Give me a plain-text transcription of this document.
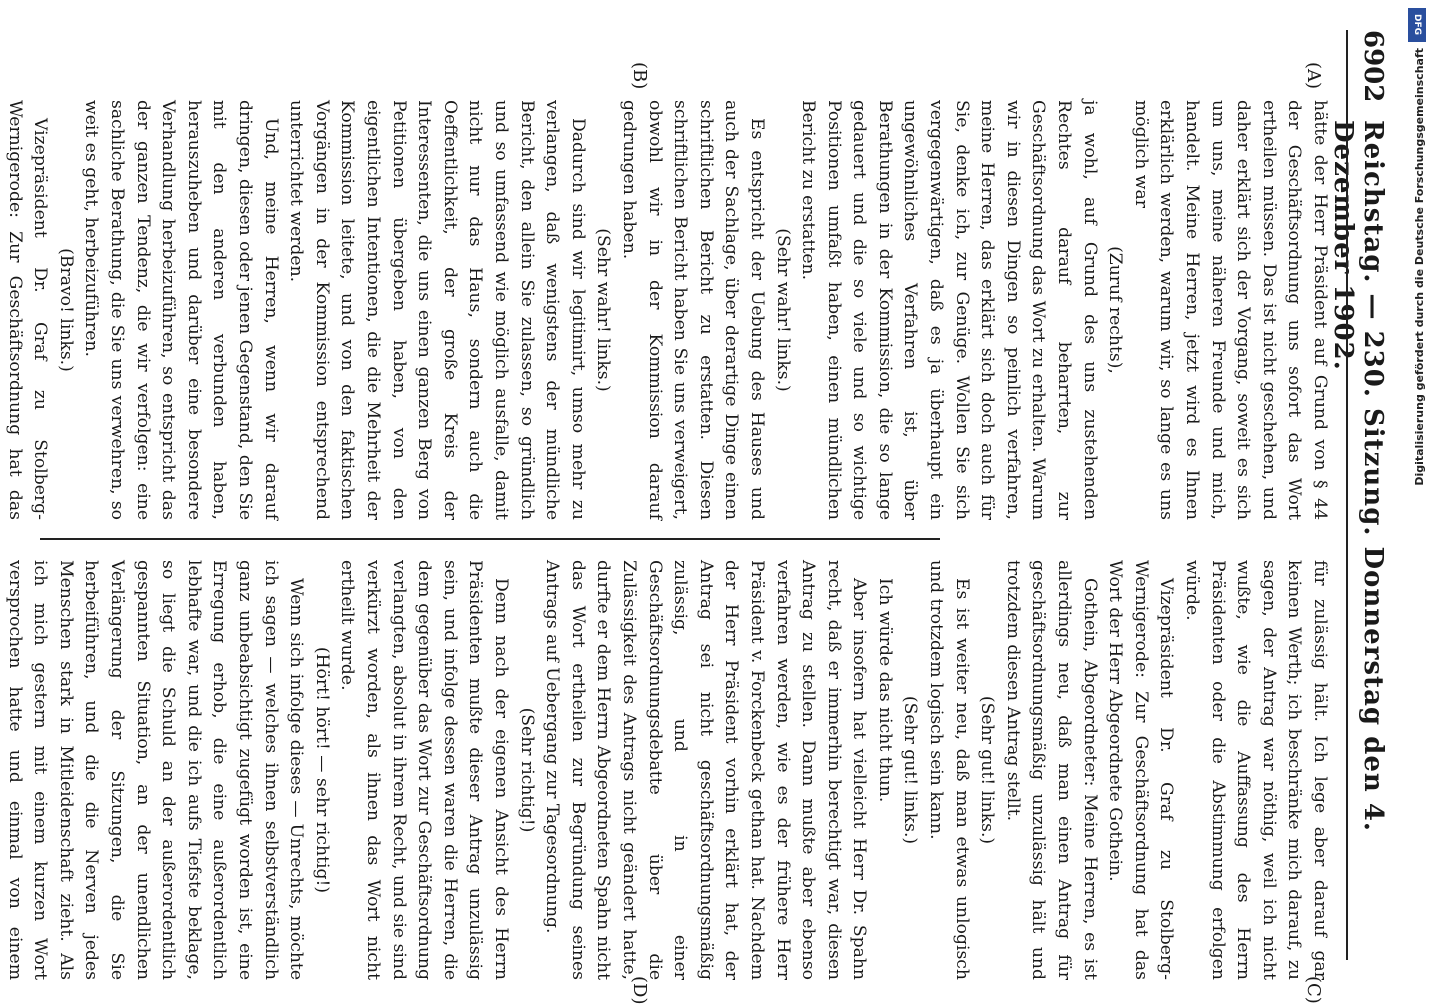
6902
Reichstag. — 230. Sitzung. Donnerstag den 4. Dezember 1902.
(A)
(B)

hätte der Herr Präsident auf Grund von § 44 der Geschäftsordnung uns sofort das Wort ertheilen müssen. Das ist nicht geschehen, und daher erklärt sich der Vorgang, soweit es sich um uns, meine näheren Freunde und mich, handelt. Meine Herren, jetzt wird es Ihnen erklärlich werden, warum wir, so lange es uns möglich war

(Zuruf rechts),

ja wohl, auf Grund des uns zustehenden Rechtes darauf beharrten, zur Geschäftsordnung das Wort zu erhalten. Warum wir in diesen Dingen so peinlich verfahren, meine Herren, das erklärt sich doch auch für Sie, denke ich, zur Genüge. Wollen Sie sich vergegenwärtigen, daß es ja überhaupt ein ungewöhnliches Verfahren ist, über Berathungen in der Kommission, die so lange gedauert und die so viele und so wichtige Positionen umfaßt haben, einen mündlichen Bericht zu erstatten.

(Sehr wahr! links.)

Es entspricht der Uebung des Hauses und auch der Sachlage, über derartige Dinge einen schriftlichen Bericht zu erstatten. Diesen schriftlichen Bericht haben Sie uns verweigert, obwohl wir in der Kommission darauf gedrungen haben.

(Sehr wahr! links.)

Dadurch sind wir legitimirt, umso mehr zu verlangen, daß wenigstens der mündliche Bericht, den allein Sie zulassen, so gründlich und so umfassend wie möglich ausfalle, damit nicht nur das Haus, sondern auch die Oeffentlichkeit, der große Kreis der Interessenten, die uns einen ganzen Berg von Petitionen übergeben haben, von den eigentlichen Intentionen, die die Mehrheit der Kommission leitete, und von den faktischen Vorgängen in der Kommission entsprechend unterrichtet werden.

Und, meine Herren, wenn wir darauf dringen, diesen oder jenen Gegenstand, den Sie mit den anderen verbunden haben, herauszuheben und darüber eine besondere Verhandlung herbeizuführen, so entspricht das der ganzen Tendenz, die wir verfolgen: eine sachliche Berathung, die Sie uns verwehren, so weit es geht, herbeizuführen.

(Bravo! links.)

Vizepräsident Dr. Graf zu Stolberg-Wernigerode: Zur Geschäftsordnung hat das

für zulässig hält. Ich lege aber darauf gar keinen Werth; ich beschränke mich darauf, zu sagen, der Antrag war nöthig, weil ich nicht wußte, wie die Auffassung des Herrn Präsidenten oder die Abstimmung erfolgen würde.

Vizepräsident Dr. Graf zu Stolberg-Wernigerode: Zur Geschäftsordnung hat das Wort der Herr Abgeordnete Gothein.

Gothein, Abgeordneter: Meine Herren, es ist allerdings neu, daß man einen Antrag für geschäftsordnungsmäßig unzulässig hält und trotzdem diesen Antrag stellt.

(Sehr gut! links.)

Es ist weiter neu, daß man etwas unlogisch und trotzdem logisch sein kann.

(Sehr gut! links.)

Ich würde das nicht thun.

Aber insofern hat vielleicht Herr Dr. Spahn recht, daß er immerhin berechtigt war, diesen Antrag zu stellen. Dann mußte aber ebenso verfahren werden, wie es der frühere Herr Präsident v. Forckenbeck gethan hat. Nachdem der Herr Präsident vorhin erklärt hat, der Antrag sei nicht geschäftsordnungsmäßig zulässig, und in einer Geschäftsordnungsdebatte über die Zulässigkeit des Antrags nicht geändert hatte, durfte er dem Herrn Abgeordneten Spahn nicht das Wort ertheilen zur Begründung seines Antrags auf Uebergang zur Tagesordnung.

(Sehr richtig!)

Denn nach der eigenen Ansicht des Herrn Präsidenten mußte dieser Antrag unzulässig sein, und infolge dessen waren die Herren, die dem gegenüber das Wort zur Geschäftsordnung verlangten, absolut in ihrem Recht, und sie sind verkürzt worden, als ihnen das Wort nicht ertheilt wurde.

(Hört! hört! — sehr richtig!)

Wenn sich infolge dieses — Unrechts, möchte ich sagen — welches ihnen selbstverständlich ganz unbeabsichtigt zugefügt worden ist, eine Erregung erhob, die eine außerordentlich lebhafte war, und die ich aufs Tiefste beklage, so liegt die Schuld an der außerordentlich gespannten Situation, an der unendlichen Verlängerung der Sitzungen, die Sie herbeiführen, und die die Nerven jedes Menschen stark in Mitleidenschaft zieht. Als ich mich gestern mit einem kurzen Wort versprochen hatte und einmal von einem

(C)
(D)
DFG
Digitalisierung gefördert durch die Deutsche Forschungsgemeinschaft
